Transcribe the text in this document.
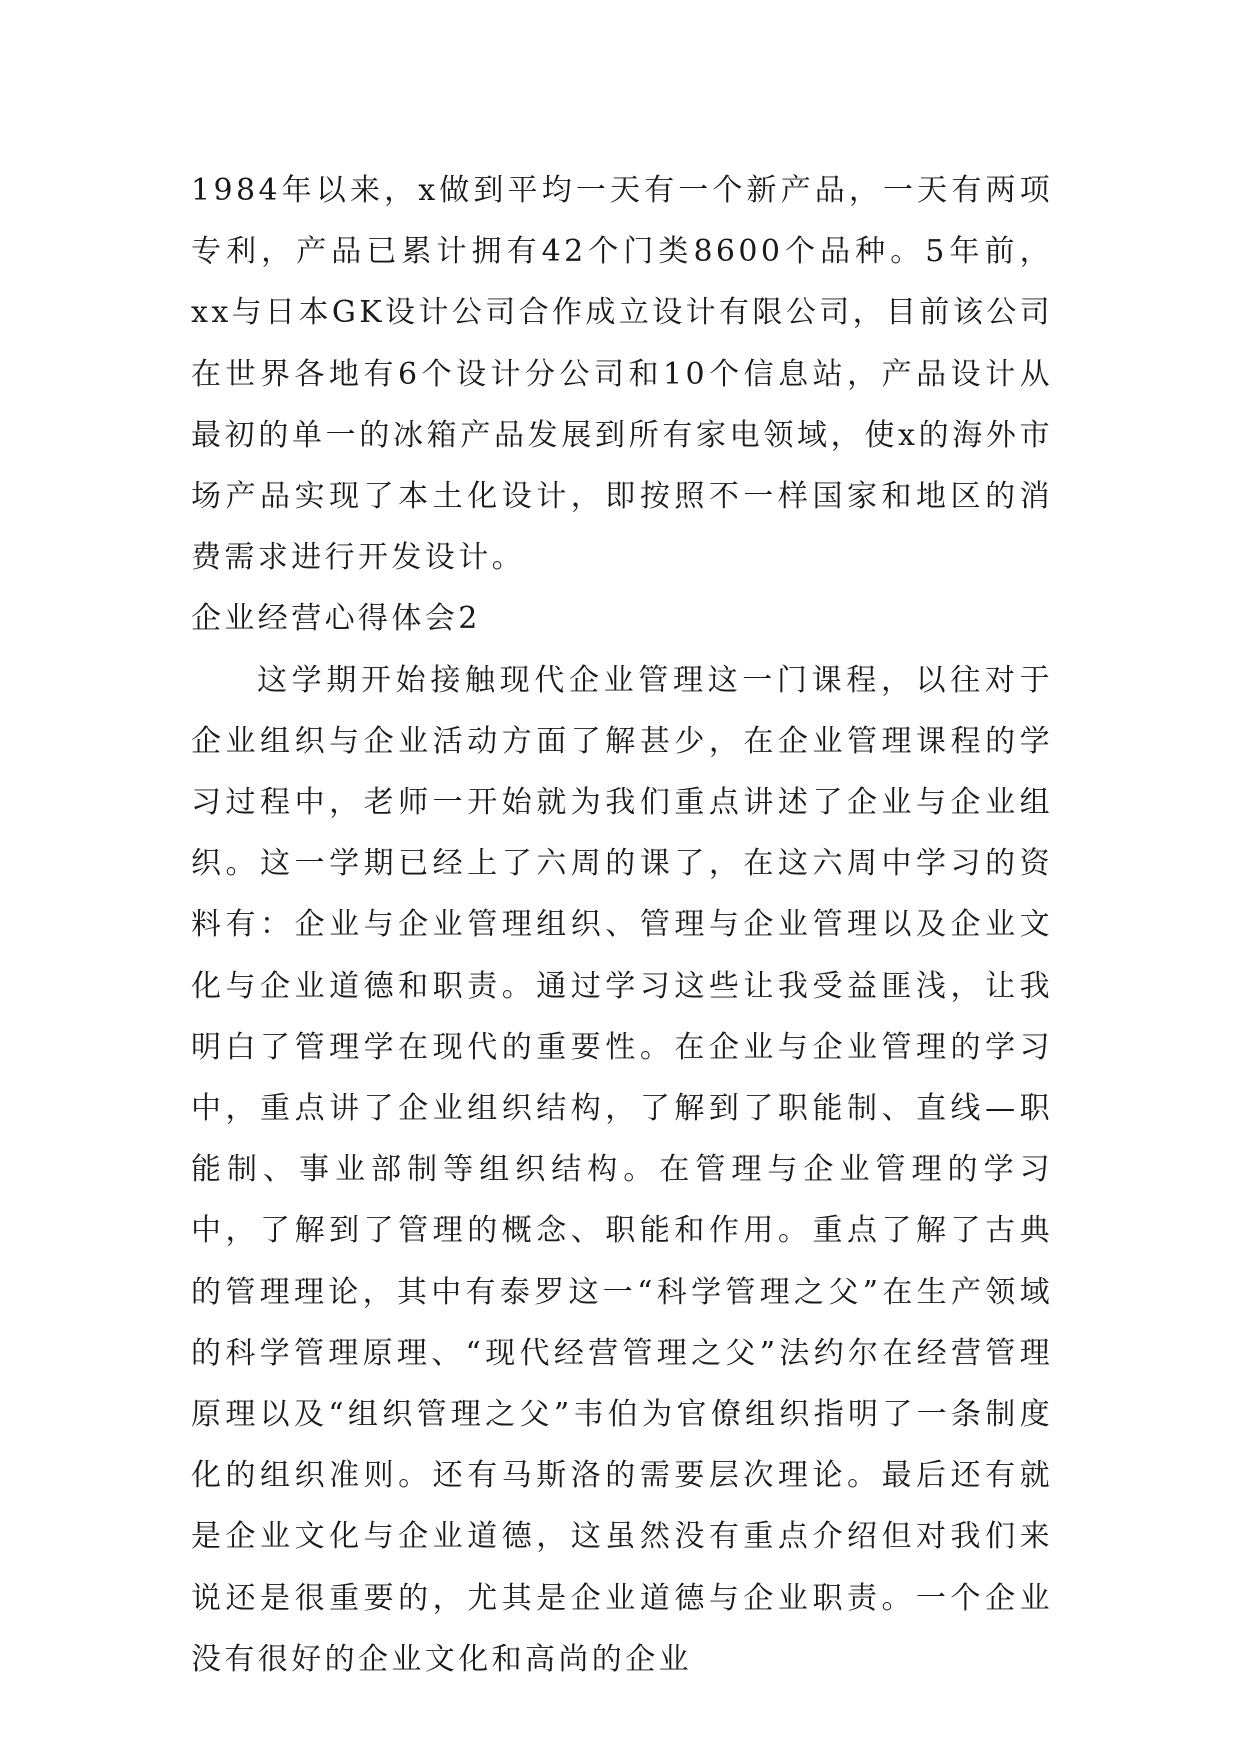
1984年以来，x做到平均一天有一个新产品，一天有两项专利，产品已累计拥有42个门类8600个品种。5年前，xx与日本GK设计公司合作成立设计有限公司，目前该公司在世界各地有6个设计分公司和10个信息站，产品设计从最初的单一的冰箱产品发展到所有家电领域，使x的海外市场产品实现了本土化设计，即按照不一样国家和地区的消费需求进行开发设计。

企业经营心得体会2

这学期开始接触现代企业管理这一门课程，以往对于企业组织与企业活动方面了解甚少，在企业管理课程的学习过程中，老师一开始就为我们重点讲述了企业与企业组织。这一学期已经上了六周的课了，在这六周中学习的资料有：企业与企业管理组织、管理与企业管理以及企业文化与企业道德和职责。通过学习这些让我受益匪浅，让我明白了管理学在现代的重要性。在企业与企业管理的学习中，重点讲了企业组织结构，了解到了职能制、直线—职能制、事业部制等组织结构。在管理与企业管理的学习中，了解到了管理的概念、职能和作用。重点了解了古典的管理理论，其中有泰罗这一“科学管理之父”在生产领域的科学管理原理、“现代经营管理之父”法约尔在经营管理原理以及“组织管理之父”韦伯为官僚组织指明了一条制度化的组织准则。还有马斯洛的需要层次理论。最后还有就是企业文化与企业道德，这虽然没有重点介绍但对我们来说还是很重要的，尤其是企业道德与企业职责。一个企业没有很好的企业文化和高尚的企业
